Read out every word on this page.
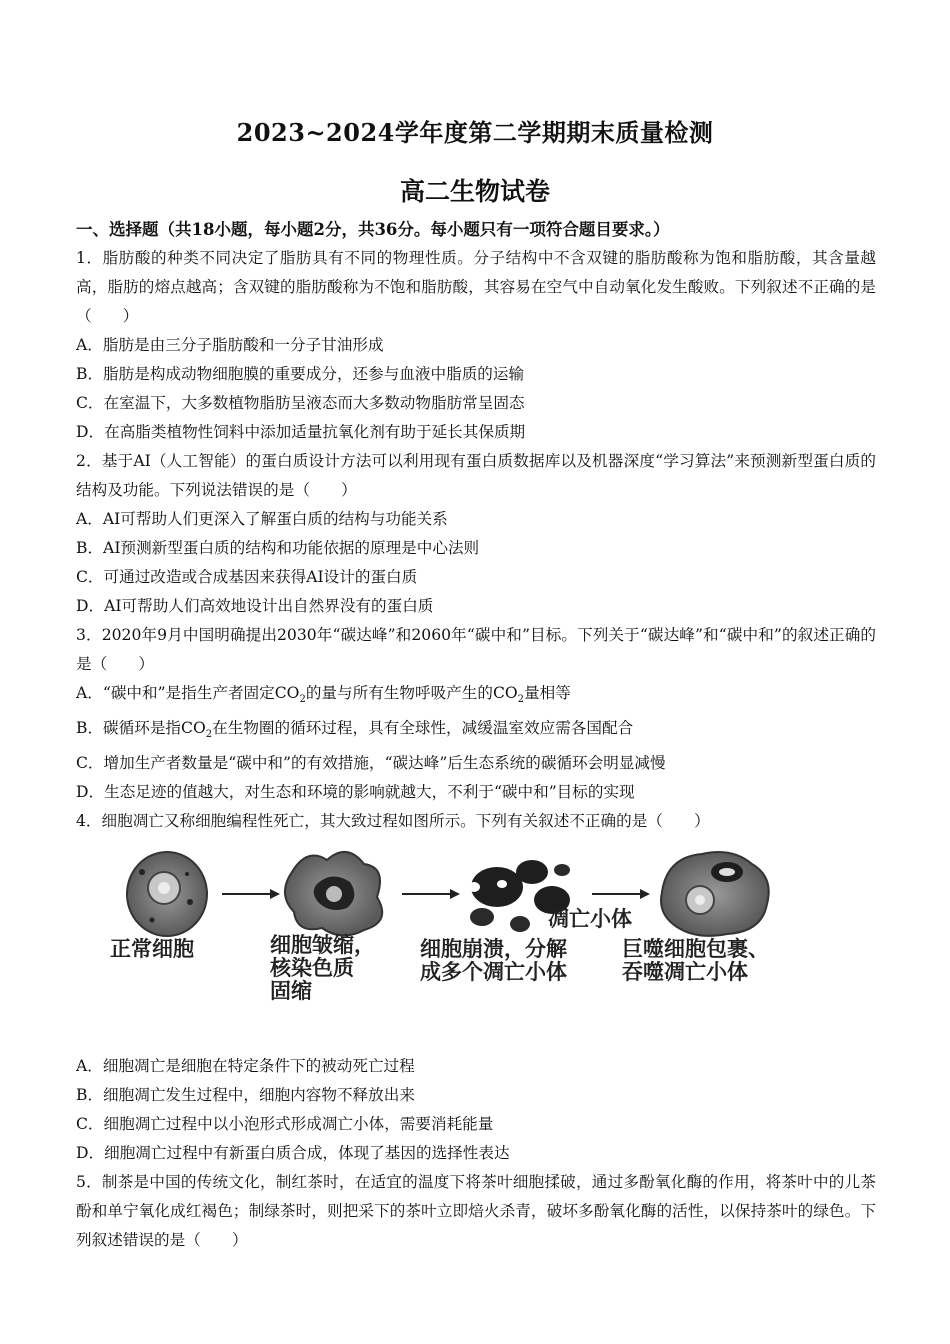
2023~2024学年度第二学期期末质量检测
高二生物试卷
一、选择题（共18小题，每小题2分，共36分。每小题只有一项符合题目要求。）

1．脂肪酸的种类不同决定了脂肪具有不同的物理性质。分子结构中不含双键的脂肪酸称为饱和脂肪酸，其含量越高，脂肪的熔点越高；含双键的脂肪酸称为不饱和脂肪酸，其容易在空气中自动氧化发生酸败。下列叙述不正确的是（　　）

A．脂肪是由三分子脂肪酸和一分子甘油形成

B．脂肪是构成动物细胞膜的重要成分，还参与血液中脂质的运输

C．在室温下，大多数植物脂肪呈液态而大多数动物脂肪常呈固态

D．在高脂类植物性饲料中添加适量抗氧化剂有助于延长其保质期

2．基于AI（人工智能）的蛋白质设计方法可以利用现有蛋白质数据库以及机器深度“学习算法”来预测新型蛋白质的结构及功能。下列说法错误的是（　　）

A．AI可帮助人们更深入了解蛋白质的结构与功能关系

B．AI预测新型蛋白质的结构和功能依据的原理是中心法则

C．可通过改造或合成基因来获得AI设计的蛋白质

D．AI可帮助人们高效地设计出自然界没有的蛋白质

3．2020年9月中国明确提出2030年“碳达峰”和2060年“碳中和”目标。下列关于“碳达峰”和“碳中和”的叙述正确的是（　　）

A．“碳中和”是指生产者固定$CO_2$的量与所有生物呼吸产生的$CO_2$量相等

B．碳循环是指$CO_2$在生物圈的循环过程，具有全球性，减缓温室效应需各国配合

C．增加生产者数量是“碳中和”的有效措施，“碳达峰”后生态系统的碳循环会明显减慢

D．生态足迹的值越大，对生态和环境的影响就越大，不利于“碳中和”目标的实现

4．细胞凋亡又称细胞编程性死亡，其大致过程如图所示。下列有关叙述不正确的是（　　）

正常细胞	细胞皱缩，
核染色质
固缩
凋亡小体
细胞崩溃，分解
成多个凋亡小体
巨噬细胞包裹、
吞噬凋亡小体

A．细胞凋亡是细胞在特定条件下的被动死亡过程

B．细胞凋亡发生过程中，细胞内容物不释放出来

C．细胞凋亡过程中以小泡形式形成凋亡小体，需要消耗能量

D．细胞凋亡过程中有新蛋白质合成，体现了基因的选择性表达

5．制茶是中国的传统文化，制红茶时，在适宜的温度下将茶叶细胞揉破，通过多酚氧化酶的作用，将茶叶中的儿茶酚和单宁氧化成红褐色；制绿茶时，则把采下的茶叶立即焙火杀青，破坏多酚氧化酶的活性，以保持茶叶的绿色。下列叙述错误的是（　　）
